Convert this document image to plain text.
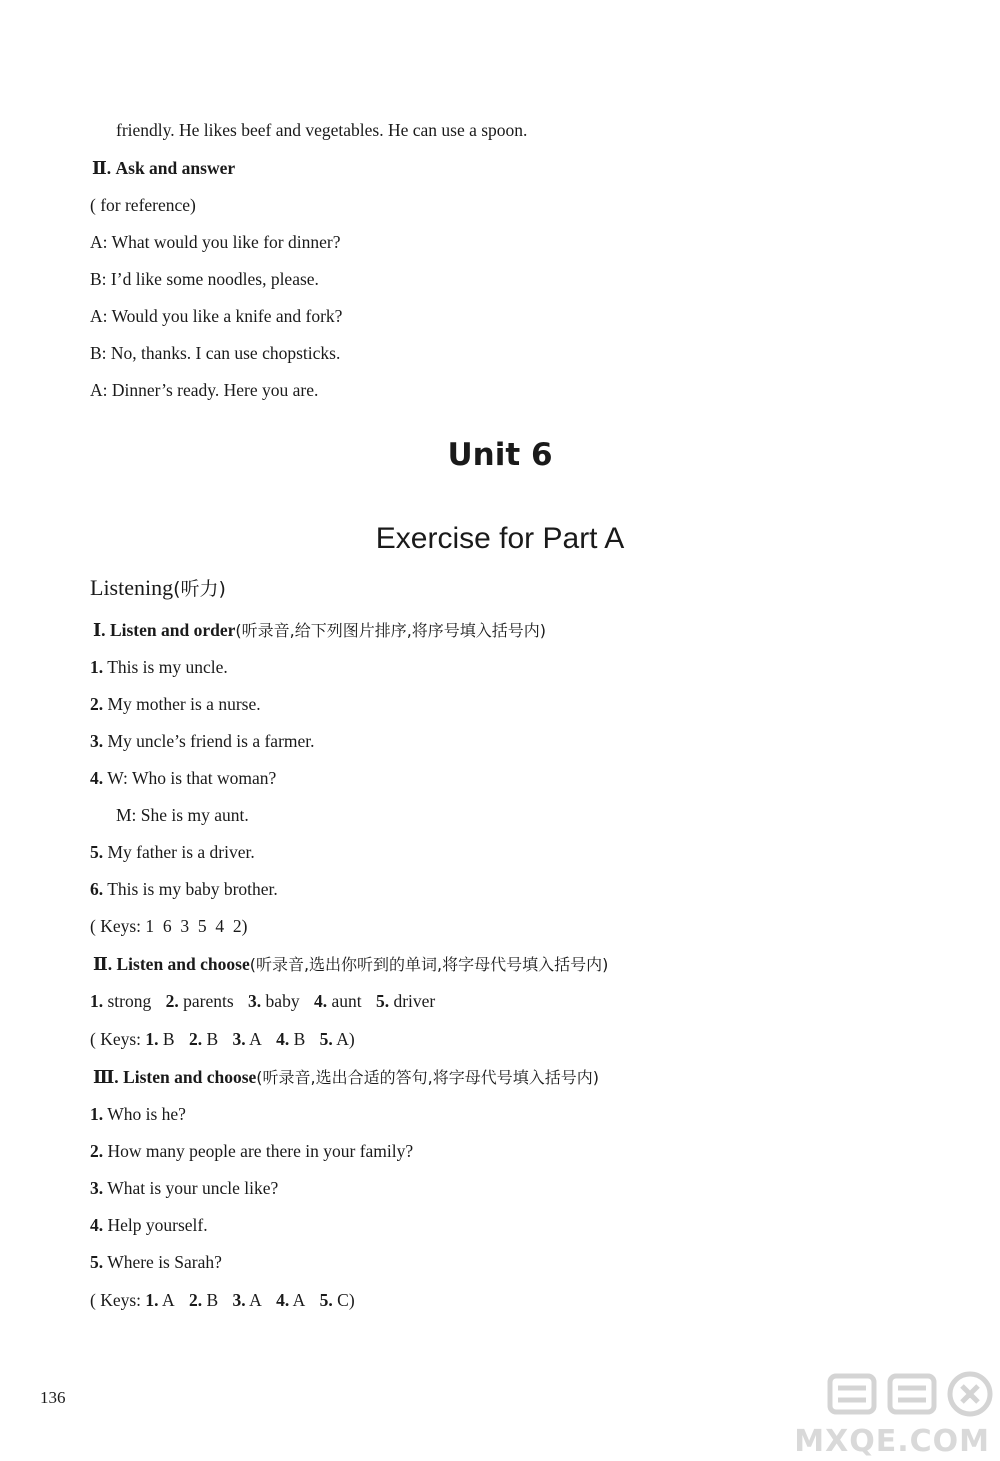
friendly. He likes beef and vegetables. He can use a spoon.
Ⅱ. Ask and answer
( for reference)
A: What would you like for dinner?
B: I’d like some noodles, please.
A: Would you like a knife and fork?
B: No, thanks. I can use chopsticks.
A: Dinner’s ready. Here you are.
Unit 6
Exercise for Part A
Listening(听力)
Ⅰ. Listen and order(听录音,给下列图片排序,将序号填入括号内)
1. This is my uncle.
2. My mother is a nurse.
3. My uncle’s friend is a farmer.
4. W: Who is that woman?
M: She is my aunt.
5. My father is a driver.
6. This is my baby brother.
( Keys: 1  6  3  5  4  2)
Ⅱ. Listen and choose(听录音,选出你听到的单词,将字母代号填入括号内)
1. strong 2. parents 3. baby 4. aunt 5. driver
( Keys: 1. B 2. B 3. A 4. B 5. A)
Ⅲ. Listen and choose(听录音,选出合适的答句,将字母代号填入括号内)
1. Who is he?
2. How many people are there in your family?
3. What is your uncle like?
4. Help yourself.
5. Where is Sarah?
( Keys: 1. A 2. B 3. A 4. A 5. C)
136
MXQE.COM
